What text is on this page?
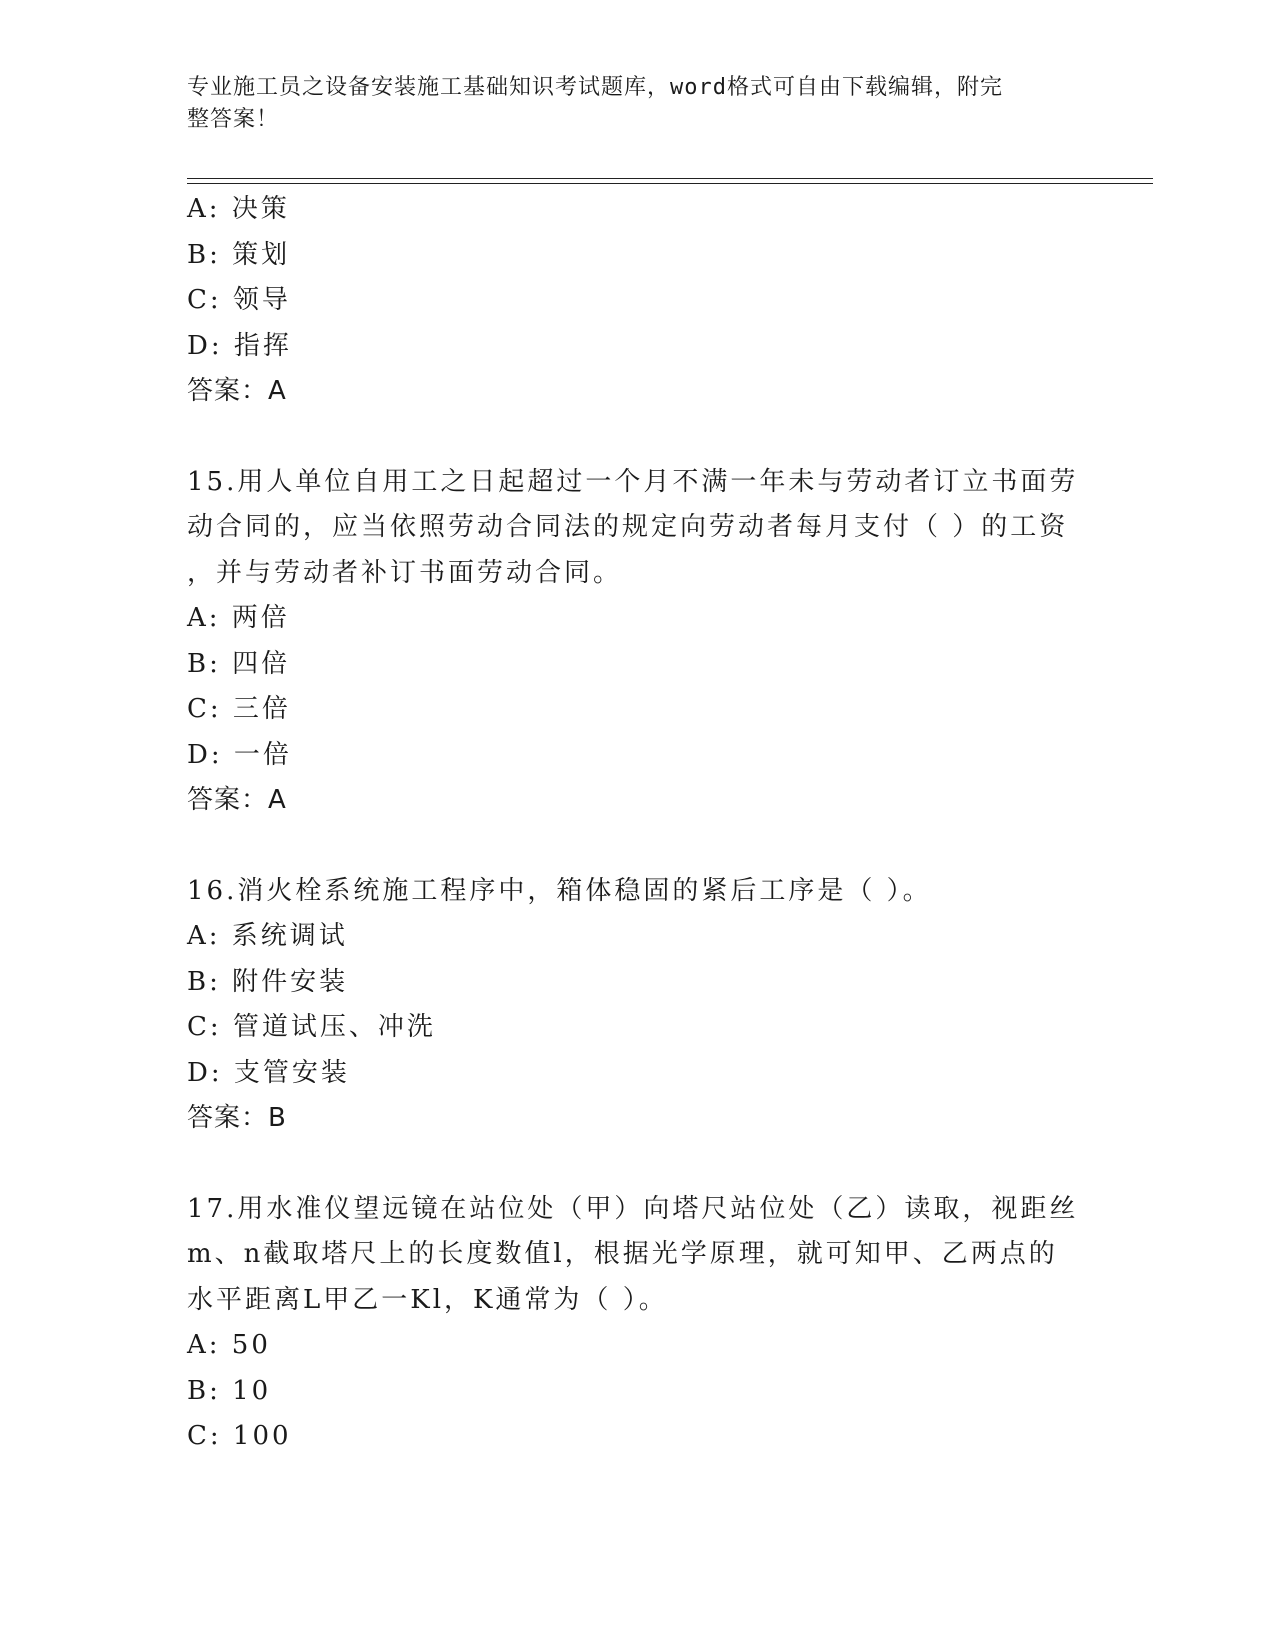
专业施工员之设备安装施工基础知识考试题库，word格式可自由下载编辑，附完
整答案！
A: 决策
B: 策划
C: 领导
D: 指挥
答案：A
15.用人单位自用工之日起超过一个月不满一年未与劳动者订立书面劳
动合同的，应当依照劳动合同法的规定向劳动者每月支付（ ）的工资
，并与劳动者补订书面劳动合同。
A: 两倍
B: 四倍
C: 三倍
D: 一倍
答案：A
16.消火栓系统施工程序中，箱体稳固的紧后工序是（ ）。
A: 系统调试
B: 附件安装
C: 管道试压、冲洗
D: 支管安装
答案：B
17.用水准仪望远镜在站位处（甲）向塔尺站位处（乙）读取，视距丝
m、n截取塔尺上的长度数值l，根据光学原理，就可知甲、乙两点的
水平距离L甲乙一Kl，K通常为（ ）。
A: 50
B: 10
C: 100
